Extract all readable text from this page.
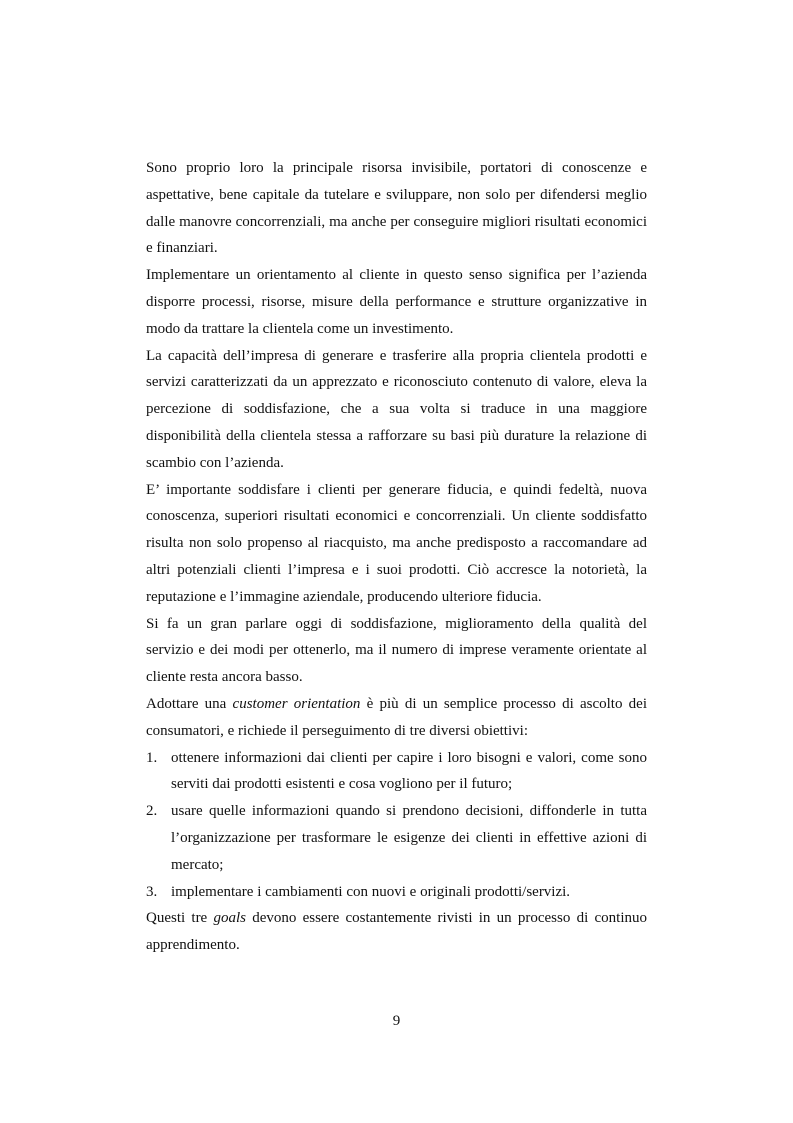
Sono proprio loro la principale risorsa invisibile, portatori di conoscenze e aspettative, bene capitale da tutelare e sviluppare, non solo per difendersi meglio dalle manovre concorrenziali, ma anche per conseguire migliori risultati economici e finanziari.

Implementare un orientamento al cliente in questo senso significa per l’azienda disporre processi, risorse, misure della performance e strutture organizzative in modo da trattare la clientela come un investimento.

La capacità dell’impresa di generare e trasferire alla propria clientela prodotti e servizi caratterizzati da un apprezzato e riconosciuto contenuto di valore, eleva la percezione di soddisfazione, che a sua volta si traduce in una maggiore disponibilità della clientela stessa a rafforzare su basi più durature la relazione di scambio con l’azienda.

E’ importante soddisfare i clienti per generare fiducia, e quindi fedeltà, nuova conoscenza, superiori risultati economici e concorrenziali. Un cliente soddisfatto risulta non solo propenso al riacquisto, ma anche predisposto a raccomandare ad altri potenziali clienti l’impresa e i suoi prodotti. Ciò accresce la notorietà, la reputazione e l’immagine aziendale, producendo ulteriore fiducia.

Si fa un gran parlare oggi di soddisfazione, miglioramento della qualità del servizio e dei modi per ottenerlo, ma il numero di imprese veramente orientate al cliente resta ancora basso.

Adottare una customer orientation è più di un semplice processo di ascolto dei consumatori, e richiede il perseguimento di tre diversi obiettivi:

1. ottenere informazioni dai clienti per capire i loro bisogni e valori, come sono serviti dai prodotti esistenti e cosa vogliono per il futuro;
2. usare quelle informazioni quando si prendono decisioni, diffonderle in tutta l’organizzazione per trasformare le esigenze dei clienti in effettive azioni di mercato;
3. implementare i cambiamenti con nuovi e originali prodotti/servizi.

Questi tre goals devono essere costantemente rivisti in un processo di continuo apprendimento.

9
